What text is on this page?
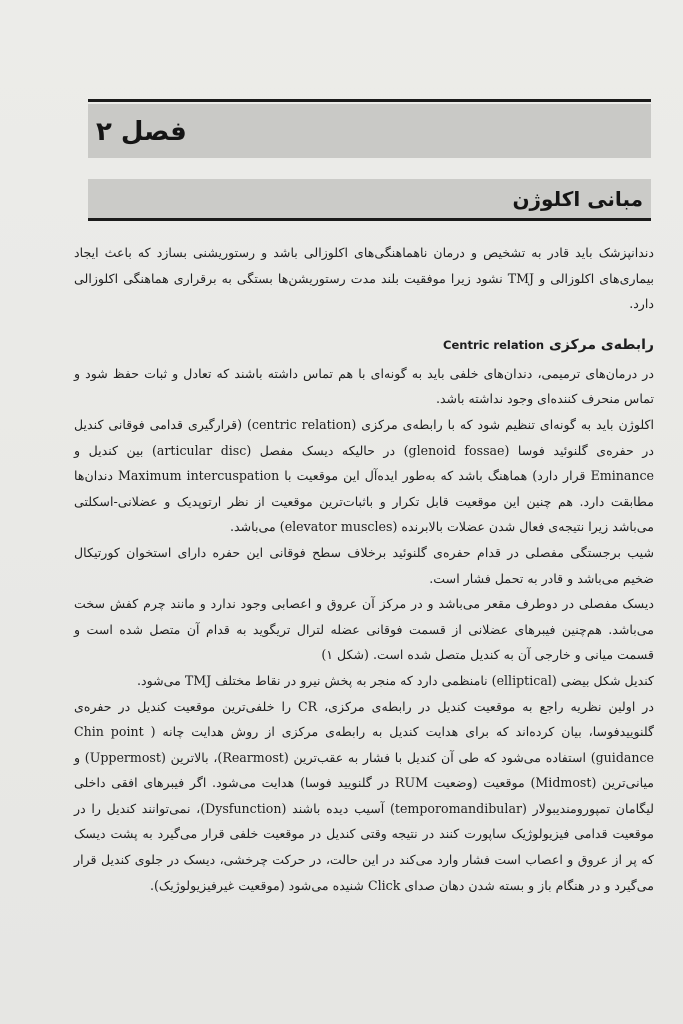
فصل ۲
مبانی اکلوژن

دندانپزشک باید قادر به تشخیص و درمان ناهماهنگی‌های اکلوزالی باشد و رستوریشنی بسازد که باعث ایجاد بیماری‌های اکلوزالی و TMJ نشود زیرا موفقیت بلند مدت رستوریشن‌ها بستگی به برقراری هماهنگی اکلوزالی دارد.

رابطه‌ی مرکزی Centric relation

در درمان‌های ترمیمی، دندان‌های خلفی باید به گونه‌ای با هم تماس داشته باشند که تعادل و ثبات حفظ شود و تماس منحرف کننده‌ای وجود نداشته باشد.

اکلوژن باید به گونه‌ای تنظیم شود که با رابطه‌ی مرکزی (centric relation) (قرارگیری قدامی فوقانی کندیل در حفره‌ی گلنوئید فوسا (glenoid fossae) در حالیکه دیسک مفصل (articular disc) بین کندیل و Eminance قرار دارد) هماهنگ باشد که به‌طور ایده‌آل این موقعیت با Maximum intercuspation دندان‌ها مطابقت دارد. هم چنین این موقعیت قابل تکرار و باثبات‌ترین موقعیت از نظر ارتوپدیک و عضلانی-اسکلتی می‌باشد زیرا نتیجه‌ی فعال شدن عضلات بالابرنده (elevator muscles) می‌باشد.

شیب برجستگی مفصلی در قدام حفره‌ی گلنوئید برخلاف سطح فوقانی این حفره دارای استخوان کورتیکال ضخیم می‌باشد و قادر به تحمل فشار است.

دیسک مفصلی در دوطرف مقعر می‌باشد و در مرکز آن عروق و اعصابی وجود ندارد و مانند چرم کفش سخت می‌باشد. هم‌چنین فیبرهای عضلانی از قسمت فوقانی عضله لترال تریگوید به قدام آن متصل شده است و قسمت میانی و خارجی آن به کندیل متصل شده است. (شکل ۱)

کندیل شکل بیضی (elliptical) نامنظمی دارد که منجر به پخش نیرو در نقاط مختلف TMJ می‌شود.

در اولین نظریه راجع به موقعیت کندیل در رابطه‌ی مرکزی، CR را خلفی‌ترین موقعیت کندیل در حفره‌ی گلنوییدفوسا، بیان کرده‌اند که برای هدایت کندیل به رابطه‌ی مرکزی از روش هدایت چانه ( Chin point guidance) استفاده می‌شود که طی آن کندیل با فشار به عقب‌ترین (Rearmost)، بالاترین (Uppermost) و میانی‌ترین (Midmost) موقعیت (وضعیت RUM در گلنویید فوسا) هدایت می‌شود. اگر فیبرهای افقی داخلی لیگامان تمپورومندیبولار (temporomandibular) آسیب دیده باشند (Dysfunction)، نمی‌توانند کندیل را در موقعیت قدامی فیزیولوژیک ساپورت کنند در نتیجه وقتی کندیل در موقعیت خلفی قرار می‌گیرد به پشت دیسک که پر از عروق و اعصاب است فشار وارد می‌کند در این حالت، در حرکت چرخشی، دیسک در جلوی کندیل قرار می‌گیرد و در هنگام باز و بسته شدن دهان صدای Click شنیده می‌شود (موقعیت غیرفیزیولوژیک).
